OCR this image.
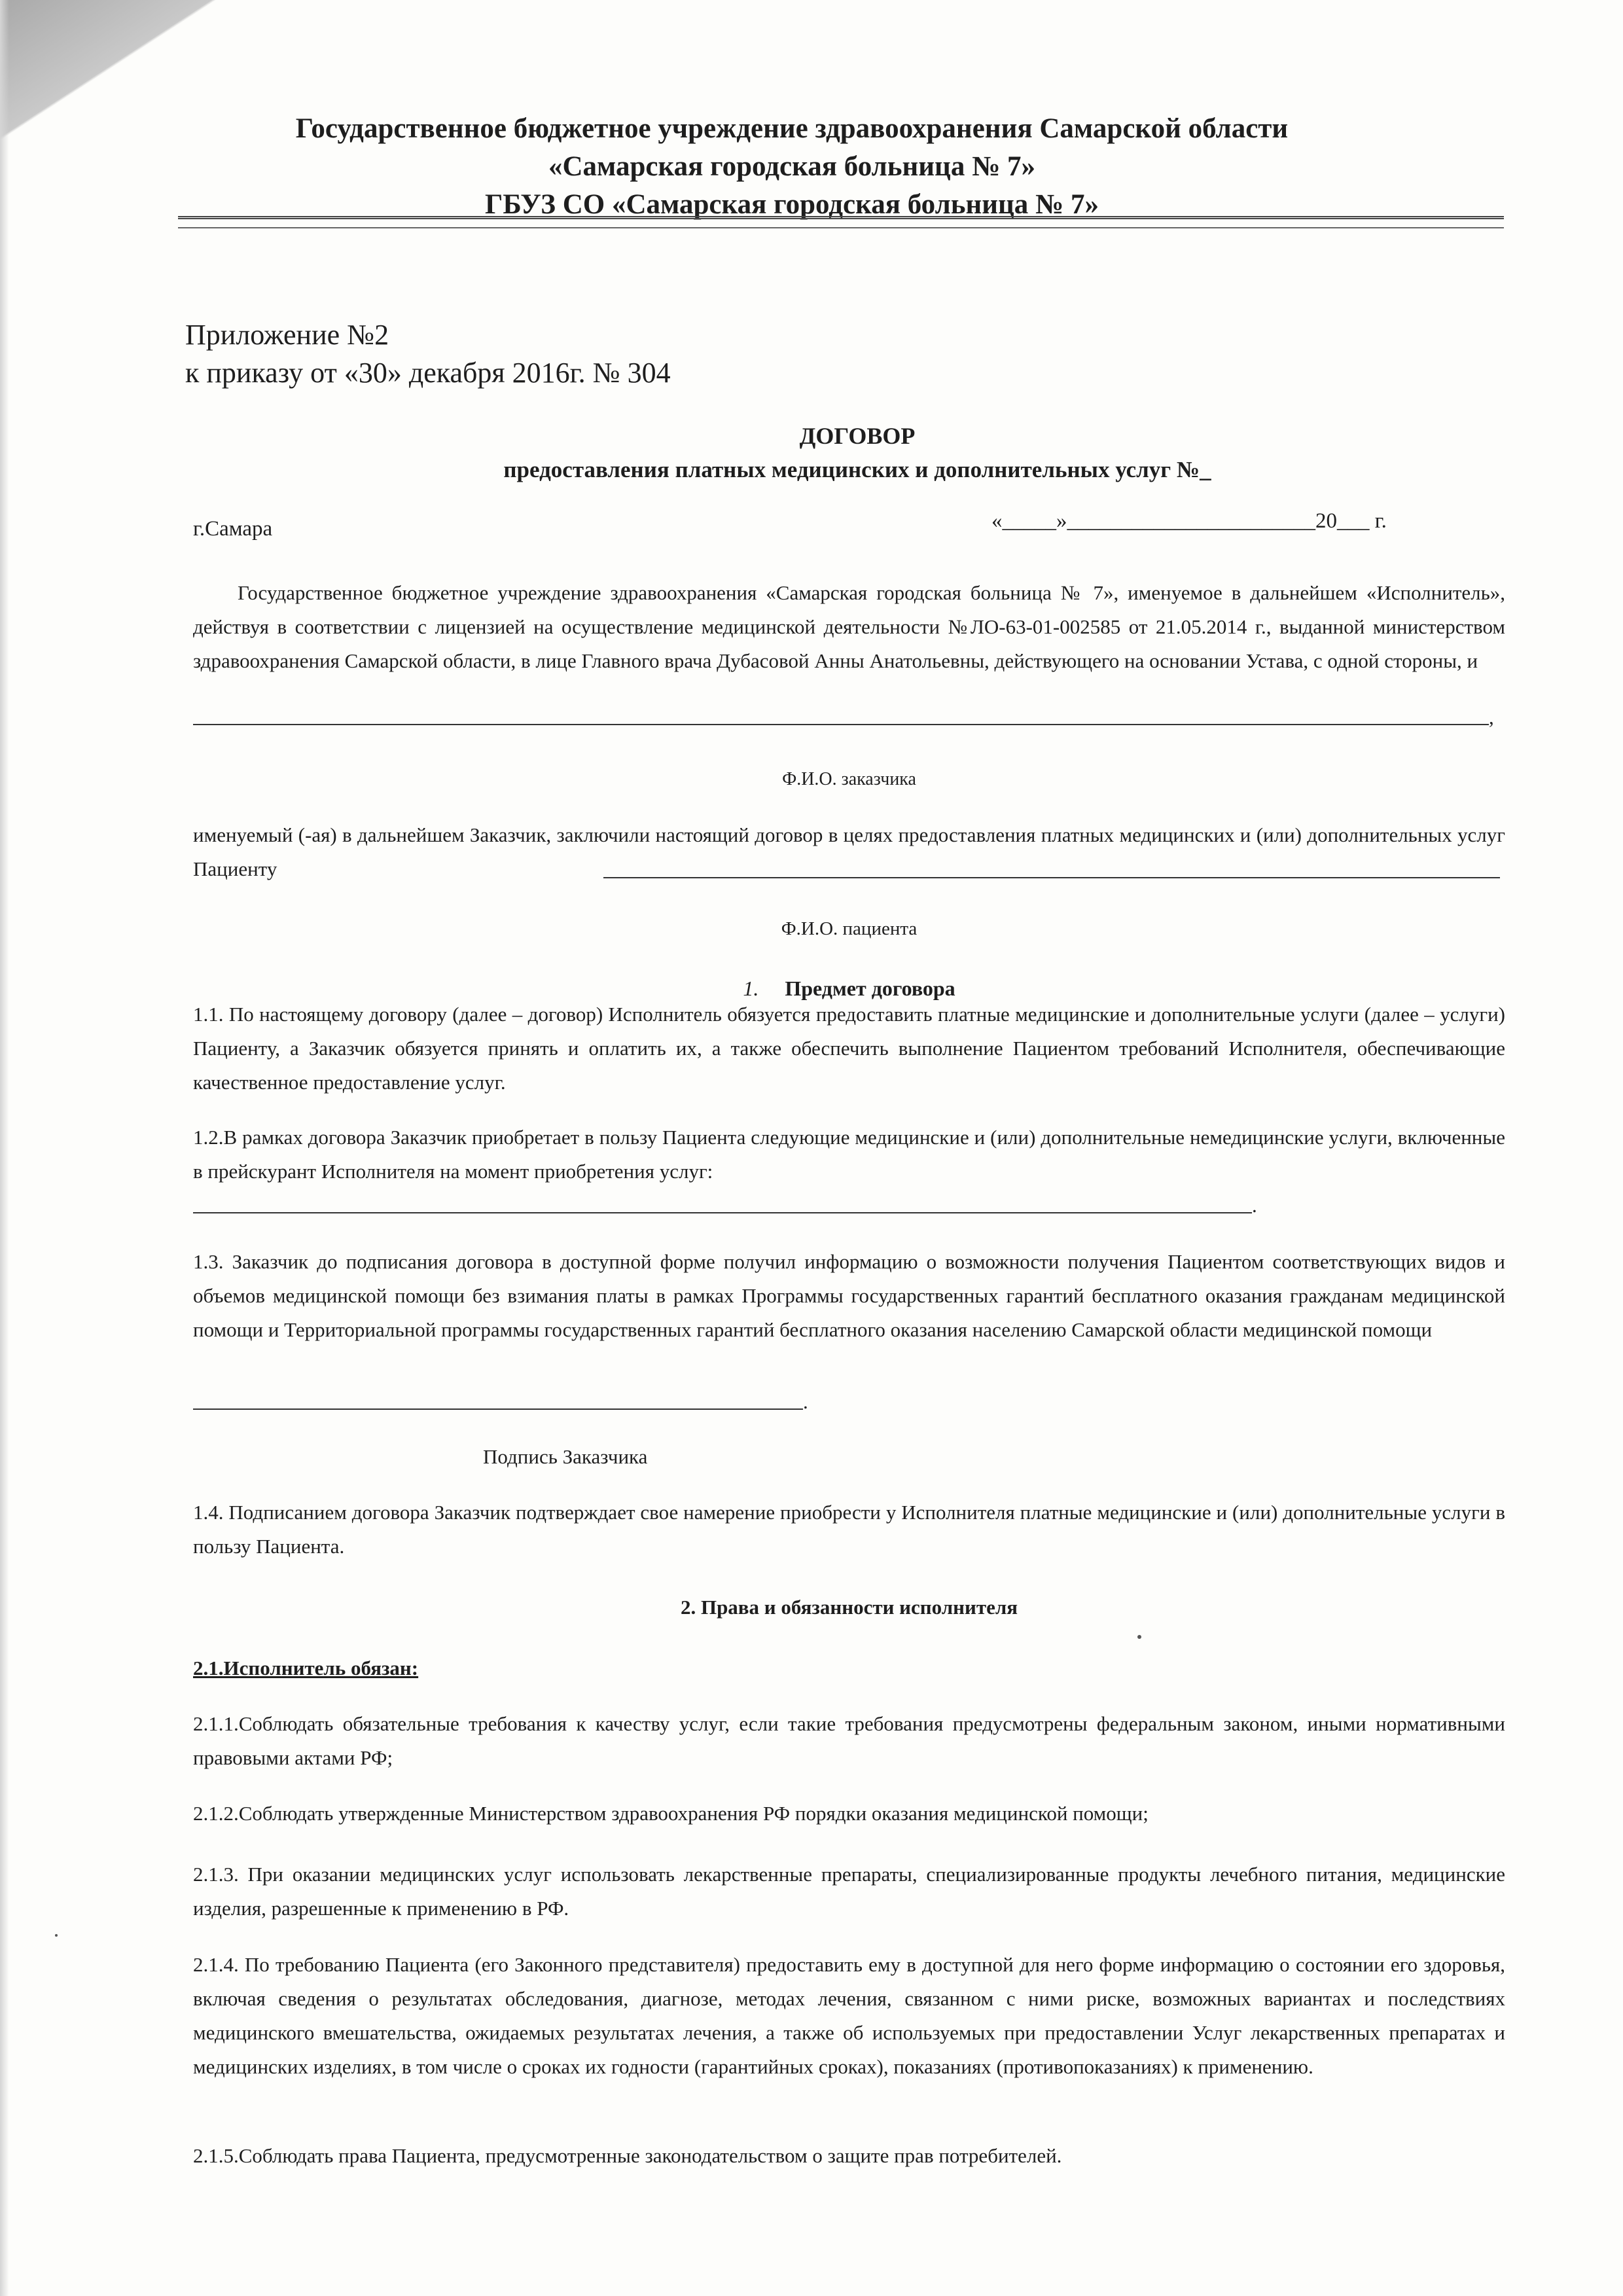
Государственное бюджетное учреждение здравоохранения Самарской области
«Самарская городская больница № 7»
ГБУЗ СО «Самарская городская больница № 7»
Приложение №2
к приказу от «30» декабря 2016г. № 304
ДОГОВОР
предоставления платных медицинских и дополнительных услуг №_
г.Самара	«_____»_______________________20___ г.
Государственное бюджетное учреждение здравоохранения «Самарская городская больница № 7», именуемое в дальнейшем «Исполнитель», действуя в соответствии с лицензией на осуществление медицинской деятельности №ЛО-63-01-002585 от 21.05.2014 г., выданной министерством здравоохранения Самарской области, в лице Главного врача Дубасовой Анны Анатольевны, действующего на основании Устава, с одной стороны, и
,
Ф.И.О. заказчика
именуемый (-ая) в дальнейшем Заказчик, заключили настоящий договор в целях предоставления платных медицинских и (или) дополнительных услуг Пациенту
Ф.И.О. пациента
1. Предмет договора
1.1. По настоящему договору (далее – договор) Исполнитель обязуется предоставить платные медицинские и дополнительные услуги (далее – услуги) Пациенту, а Заказчик обязуется принять и оплатить их, а также обеспечить выполнение Пациентом требований Исполнителя, обеспечивающие качественное предоставление услуг.
1.2.В рамках договора Заказчик приобретает в пользу Пациента следующие медицинские и (или) дополнительные немедицинские услуги, включенные в прейскурант Исполнителя на момент приобретения услуг:
.
1.3. Заказчик до подписания договора в доступной форме получил информацию о возможности получения Пациентом соответствующих видов и объемов медицинской помощи без взимания платы в рамках Программы государственных гарантий бесплатного оказания гражданам медицинской помощи и Территориальной программы государственных гарантий бесплатного оказания населению Самарской области медицинской помощи
.
Подпись Заказчика
1.4. Подписанием договора Заказчик подтверждает свое намерение приобрести у Исполнителя платные медицинские и (или) дополнительные услуги в пользу Пациента.
2. Права и обязанности исполнителя
2.1.Исполнитель обязан:
2.1.1.Соблюдать обязательные требования к качеству услуг, если такие требования предусмотрены федеральным законом, иными нормативными правовыми актами РФ;
2.1.2.Соблюдать утвержденные Министерством здравоохранения РФ порядки оказания медицинской помощи;
2.1.3. При оказании медицинских услуг использовать лекарственные препараты, специализированные продукты лечебного питания, медицинские изделия, разрешенные к применению в РФ.
2.1.4. По требованию Пациента (его Законного представителя) предоставить ему в доступной для него форме информацию о состоянии его здоровья, включая сведения о результатах обследования, диагнозе, методах лечения, связанном с ними риске, возможных вариантах и последствиях медицинского вмешательства, ожидаемых результатах лечения, а также об используемых при предоставлении Услуг лекарственных препаратах и медицинских изделиях, в том числе о сроках их годности (гарантийных сроках), показаниях (противопоказаниях) к применению.
2.1.5.Соблюдать права Пациента, предусмотренные законодательством о защите прав потребителей.
